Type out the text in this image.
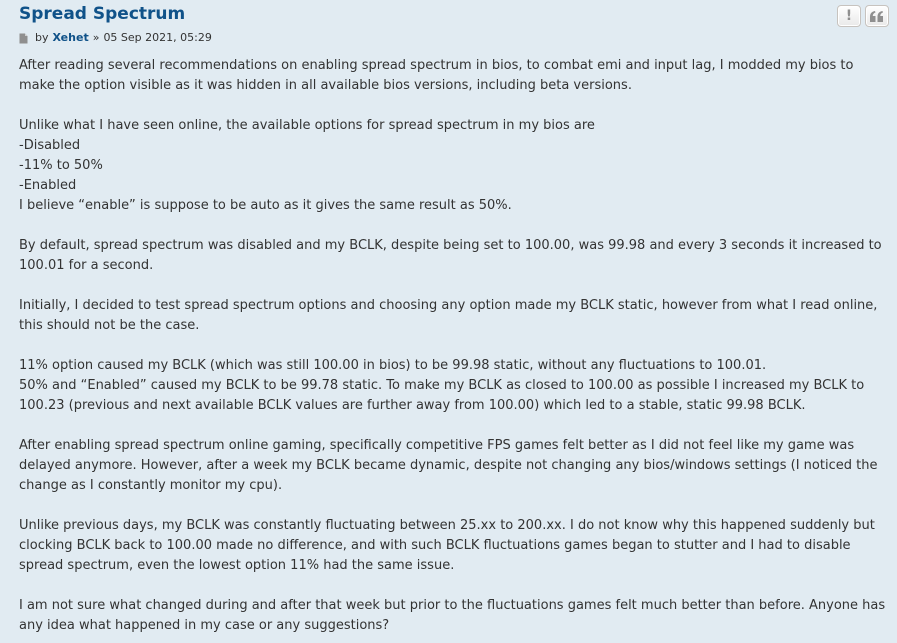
Spread Spectrum
by Xehet » 05 Sep 2021, 05:29
!

After reading several recommendations on enabling spread spectrum in bios, to combat emi and input lag, I modded my bios to make the option visible as it was hidden in all available bios versions, including beta versions.

Unlike what I have seen online, the available options for spread spectrum in my bios are

-Disabled

-11% to 50%

-Enabled

I believe “enable” is suppose to be auto as it gives the same result as 50%.

By default, spread spectrum was disabled and my BCLK, despite being set to 100.00, was 99.98 and every 3 seconds it increased to 100.01 for a second.

Initially, I decided to test spread spectrum options and choosing any option made my BCLK static, however from what I read online, this should not be the case.

11% option caused my BCLK (which was still 100.00 in bios) to be 99.98 static, without any fluctuations to 100.01.

50% and “Enabled” caused my BCLK to be 99.78 static. To make my BCLK as closed to 100.00 as possible I increased my BCLK to 100.23 (previous and next available BCLK values are further away from 100.00) which led to a stable, static 99.98 BCLK.

After enabling spread spectrum online gaming, specifically competitive FPS games felt better as I did not feel like my game was delayed anymore. However, after a week my BCLK became dynamic, despite not changing any bios/windows settings (I noticed the change as I constantly monitor my cpu).

Unlike previous days, my BCLK was constantly fluctuating between 25.xx to 200.xx. I do not know why this happened suddenly but clocking BCLK back to 100.00 made no difference, and with such BCLK fluctuations games began to stutter and I had to disable spread spectrum, even the lowest option 11% had the same issue.

I am not sure what changed during and after that week but prior to the fluctuations games felt much better than before. Anyone has any idea what happened in my case or any suggestions?
